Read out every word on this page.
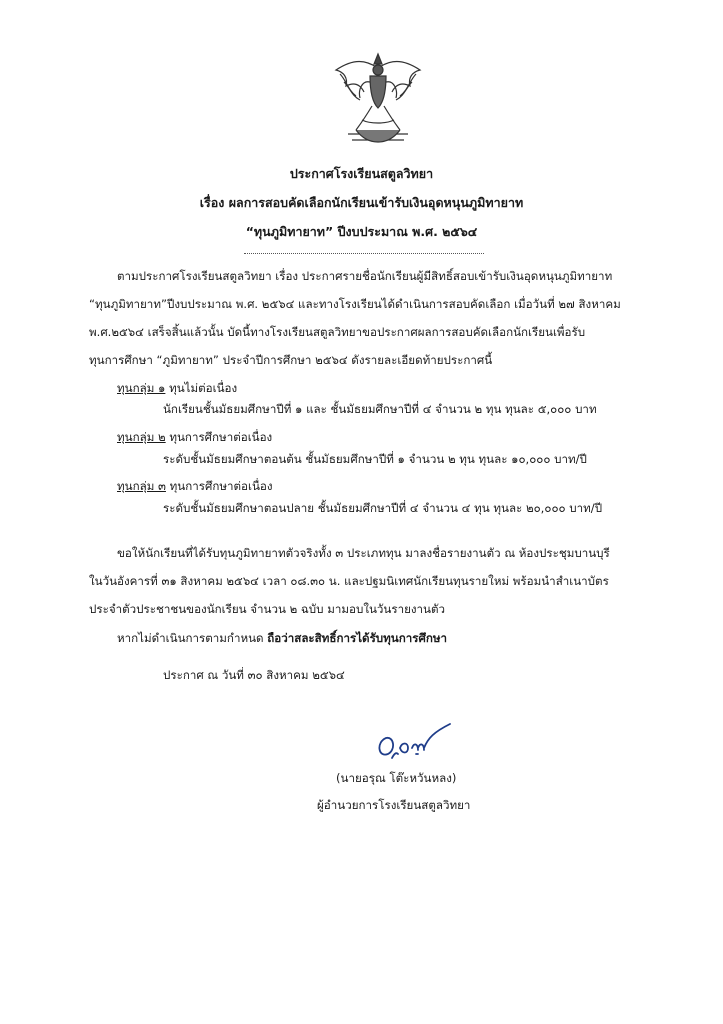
ประกาศโรงเรียนสตูลวิทยา
เรื่อง ผลการสอบคัดเลือกนักเรียนเข้ารับเงินอุดหนุนภูมิทายาท
“ทุนภูมิทายาท” ปีงบประมาณ พ.ศ. ๒๕๖๔
ตามประกาศโรงเรียนสตูลวิทยา เรื่อง ประกาศรายชื่อนักเรียนผู้มีสิทธิ์สอบเข้ารับเงินอุดหนุนภูมิทายาท
“ทุนภูมิทายาท”ปีงบประมาณ พ.ศ. ๒๕๖๔ และทางโรงเรียนได้ดำเนินการสอบคัดเลือก เมื่อวันที่ ๒๗ สิงหาคม
พ.ศ.๒๕๖๔ เสร็จสิ้นแล้วนั้น บัดนี้ทางโรงเรียนสตูลวิทยาขอประกาศผลการสอบคัดเลือกนักเรียนเพื่อรับ
ทุนการศึกษา “ภูมิทายาท” ประจำปีการศึกษา ๒๕๖๔ ดังรายละเอียดท้ายประกาศนี้
ทุนกลุ่ม ๑ ทุนไม่ต่อเนื่อง
นักเรียนชั้นมัธยมศึกษาปีที่ ๑ และ ชั้นมัธยมศึกษาปีที่ ๔ จำนวน ๒ ทุน ทุนละ ๕,๐๐๐ บาท
ทุนกลุ่ม ๒ ทุนการศึกษาต่อเนื่อง
ระดับชั้นมัธยมศึกษาตอนต้น ชั้นมัธยมศึกษาปีที่ ๑ จำนวน ๒ ทุน ทุนละ ๑๐,๐๐๐ บาท/ปี
ทุนกลุ่ม ๓ ทุนการศึกษาต่อเนื่อง
ระดับชั้นมัธยมศึกษาตอนปลาย ชั้นมัธยมศึกษาปีที่ ๔ จำนวน ๔ ทุน ทุนละ ๒๐,๐๐๐ บาท/ปี
ขอให้นักเรียนที่ได้รับทุนภูมิทายาทตัวจริงทั้ง ๓ ประเภททุน มาลงชื่อรายงานตัว ณ ห้องประชุมบานบุรี
ในวันอังคารที่ ๓๑ สิงหาคม ๒๕๖๔ เวลา ๐๘.๓๐ น. และปฐมนิเทศนักเรียนทุนรายใหม่ พร้อมนำสำเนาบัตร
ประจำตัวประชาชนของนักเรียน จำนวน ๒ ฉบับ มามอบในวันรายงานตัว
หากไม่ดำเนินการตามกำหนด ถือว่าสละสิทธิ์การได้รับทุนการศึกษา
ประกาศ ณ วันที่ ๓๐ สิงหาคม ๒๕๖๔
(นายอรุณ โต๊ะหวันหลง)
ผู้อำนวยการโรงเรียนสตูลวิทยา
